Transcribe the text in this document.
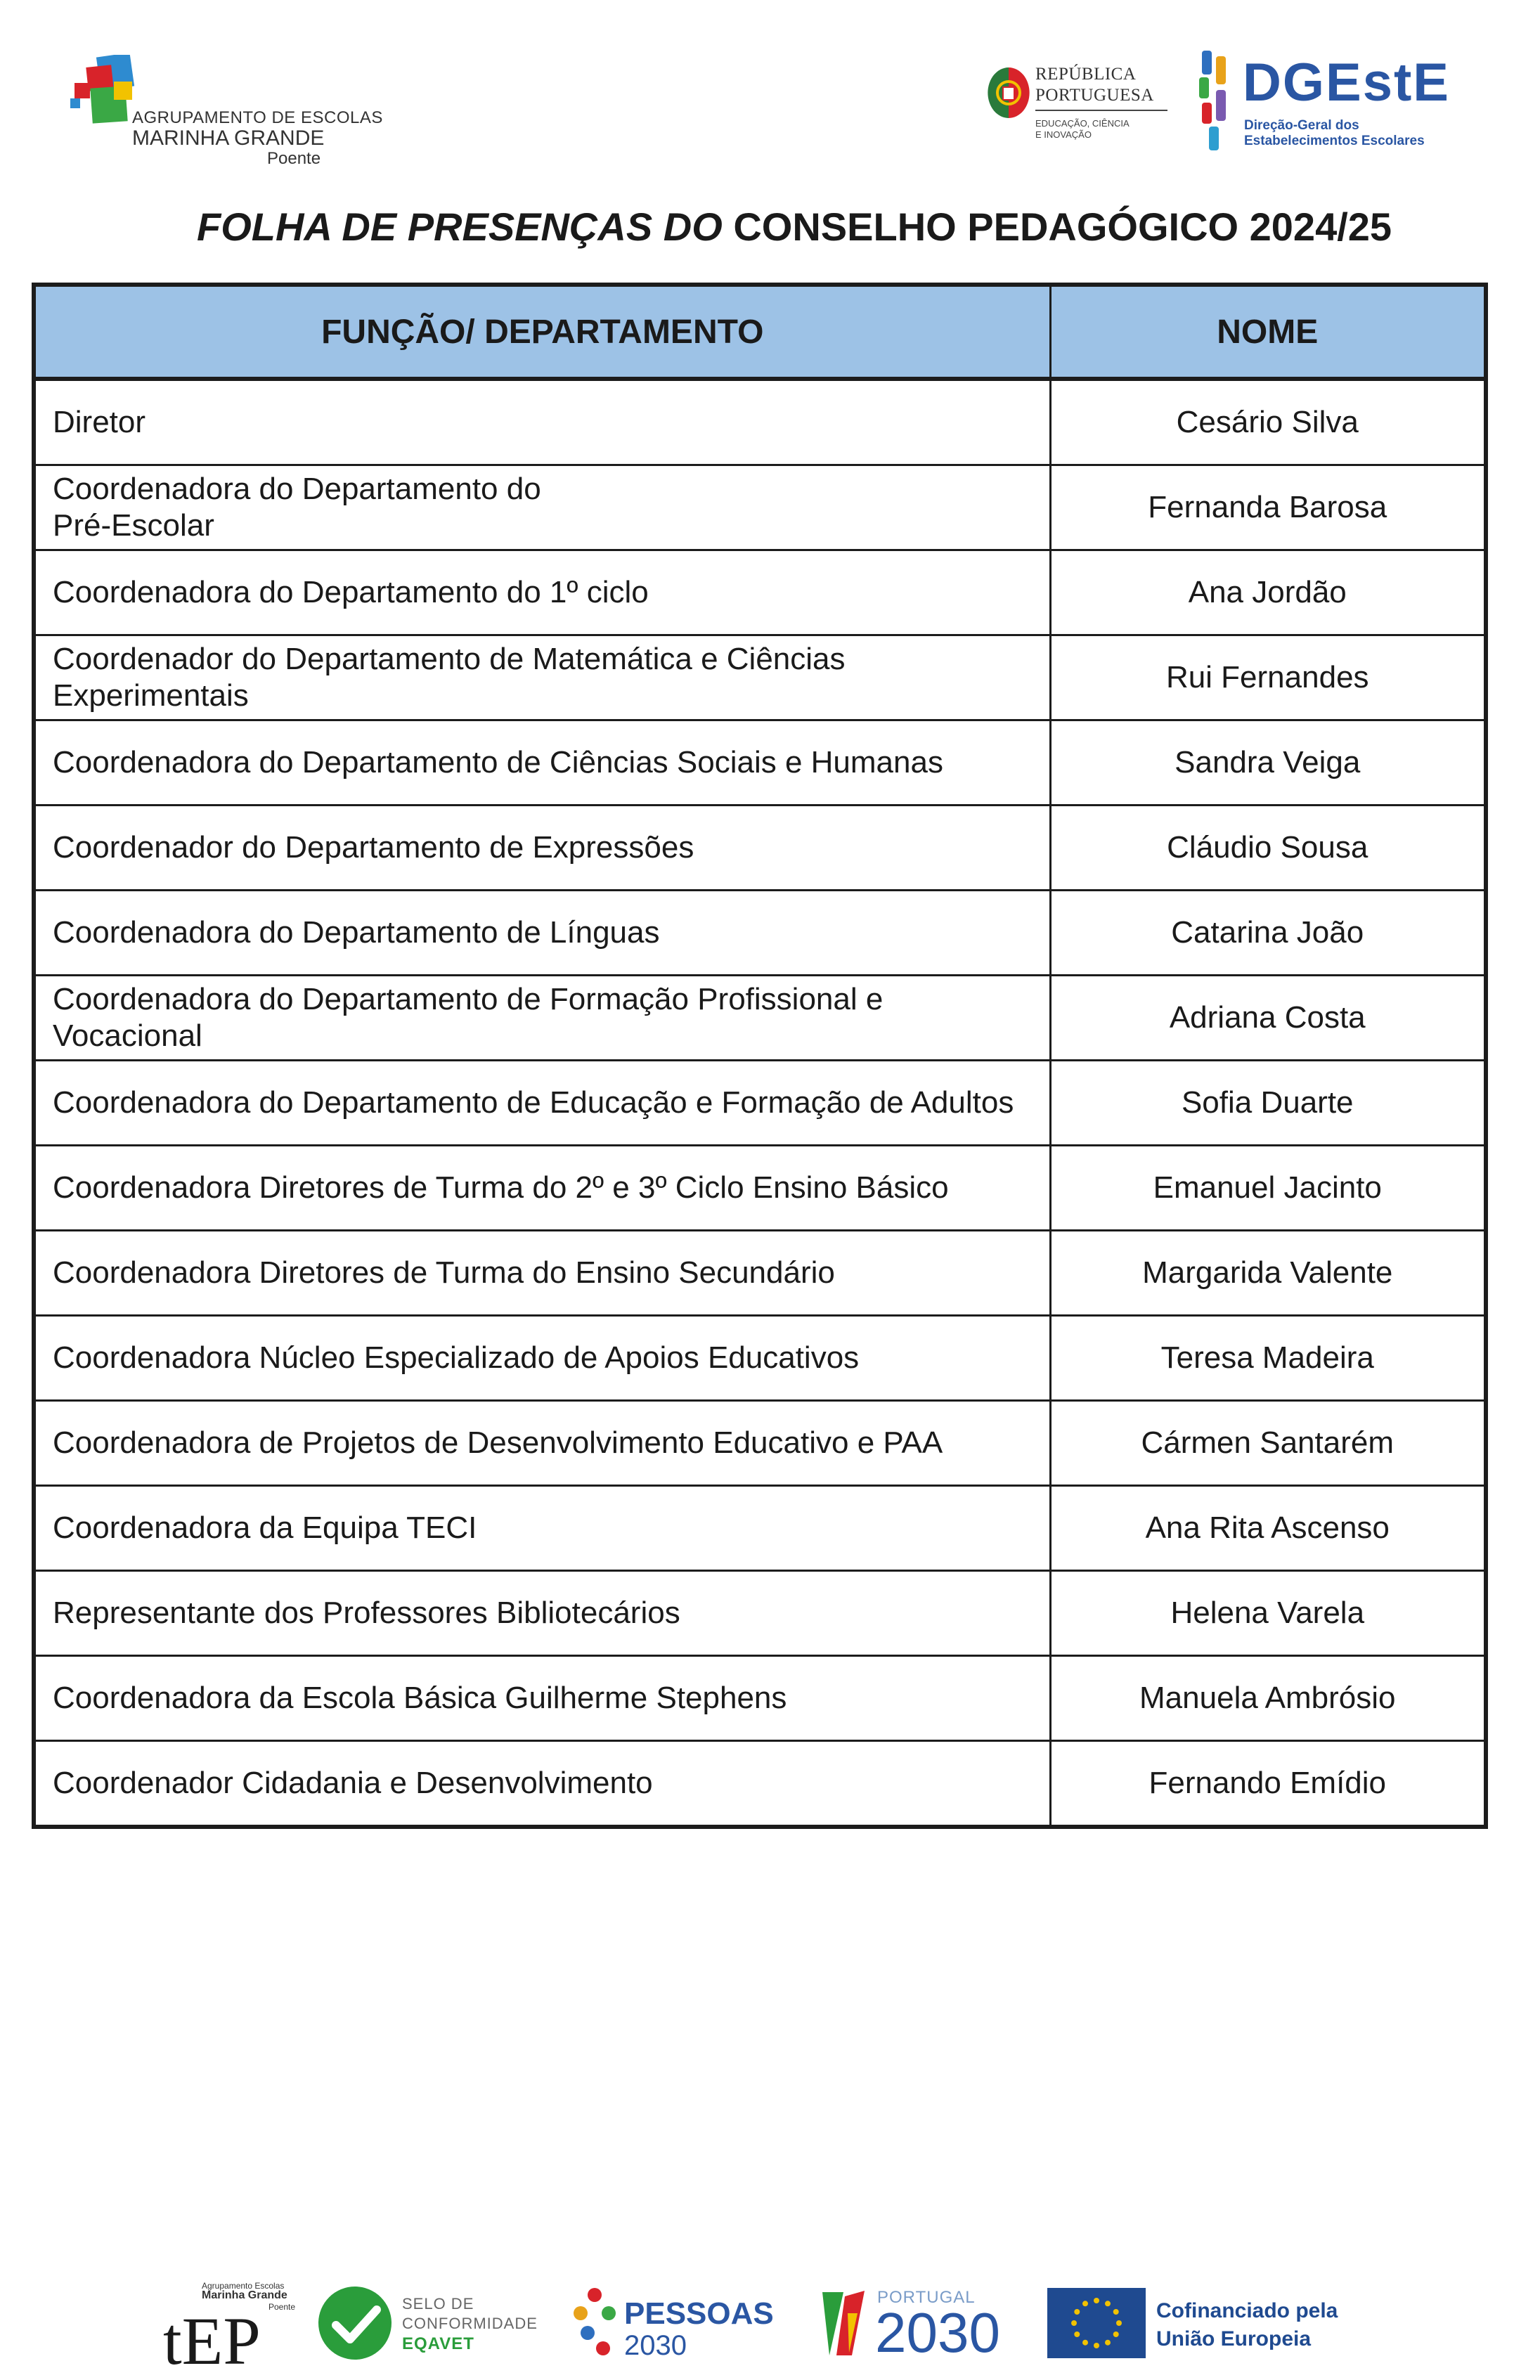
AGRUPAMENTO DE ESCOLAS
MARINHA GRANDE
Poente
REPÚBLICA
PORTUGUESA
EDUCAÇÃO, CIÊNCIA
E INOVAÇÃO
DGEstE
Direção-Geral dos
Estabelecimentos Escolares
FOLHA DE PRESENÇAS DO CONSELHO PEDAGÓGICO 2024/25
FUNÇÃO/ DEPARTAMENTO	NOME
Diretor	Cesário Silva
Coordenadora do Departamento do
Pré-Escolar	Fernanda Barosa
Coordenadora do Departamento do 1º ciclo	Ana Jordão
Coordenador do Departamento de Matemática e Ciências Experimentais	Rui Fernandes
Coordenadora do Departamento de Ciências Sociais e Humanas	Sandra Veiga
Coordenador do Departamento de Expressões	Cláudio Sousa
Coordenadora do Departamento de Línguas	Catarina João
Coordenadora do Departamento de Formação Profissional e Vocacional	Adriana Costa
Coordenadora do Departamento de Educação e Formação de Adultos	Sofia Duarte
Coordenadora Diretores de Turma do 2º e 3º Ciclo Ensino Básico	Emanuel Jacinto
Coordenadora Diretores de Turma do Ensino Secundário	Margarida Valente
Coordenadora Núcleo Especializado de Apoios Educativos	Teresa Madeira
Coordenadora de Projetos de Desenvolvimento Educativo e PAA	Cármen Santarém
Coordenadora da Equipa TECI	Ana Rita Ascenso
Representante dos Professores Bibliotecários	Helena Varela
Coordenadora da Escola Básica Guilherme Stephens	Manuela Ambrósio
Coordenador Cidadania e Desenvolvimento	Fernando Emídio
Agrupamento Escolas
Marinha Grande
Poente
tEP	SELO DE
CONFORMIDADE
EQAVET
PESSOAS
2030
PORTUGAL
2030	Cofinanciado pela
União Europeia
